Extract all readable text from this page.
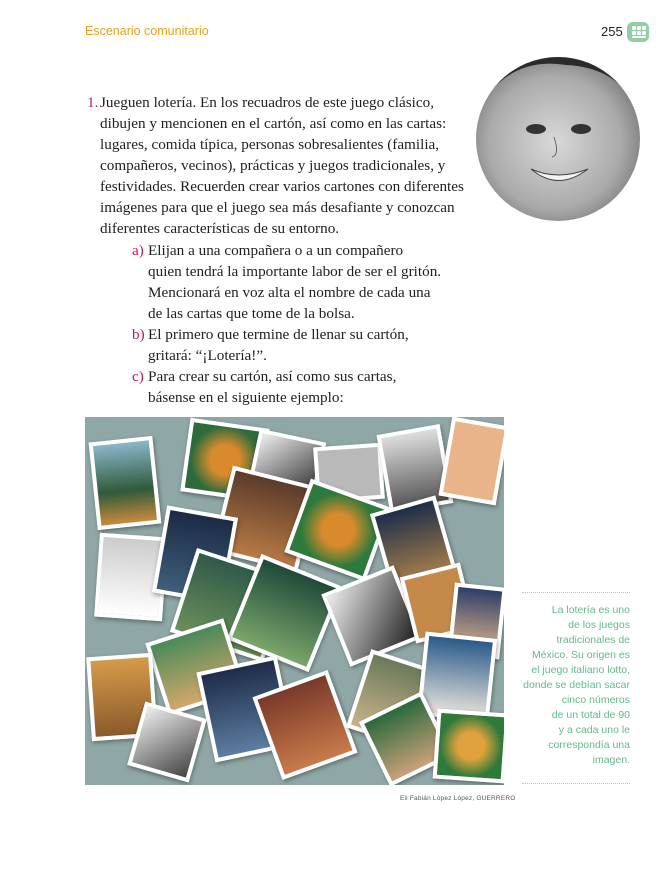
Escenario comunitario	255
1. Jueguen lotería. En los recuadros de este juego clásico,
dibujen y mencionen en el cartón, así como en las cartas:
lugares, comida típica, personas sobresalientes (familia,
compañeros, vecinos), prácticas y juegos tradicionales, y
festividades. Recuerden crear varios cartones con diferentes
imágenes para que el juego sea más desafiante y conozcan
diferentes características de su entorno.
a) Elijan a una compañera o a un compañero
quien tendrá la importante labor de ser el gritón.
Mencionará en voz alta el nombre de cada una
de las cartas que tome de la bolsa.
b) El primero que termine de llenar su cartón,
gritará: “¡Lotería!”.
c) Para crear su cartón, así como sus cartas,
básense en el siguiente ejemplo:
La lotería es uno
de los juegos
tradicionales de
México. Su origen es
el juego italiano lotto,
donde se debían sacar
cinco números
de un total de 90
y a cada uno le
correspondía una
imagen.
Eli Fabián López López, GUERRERO
